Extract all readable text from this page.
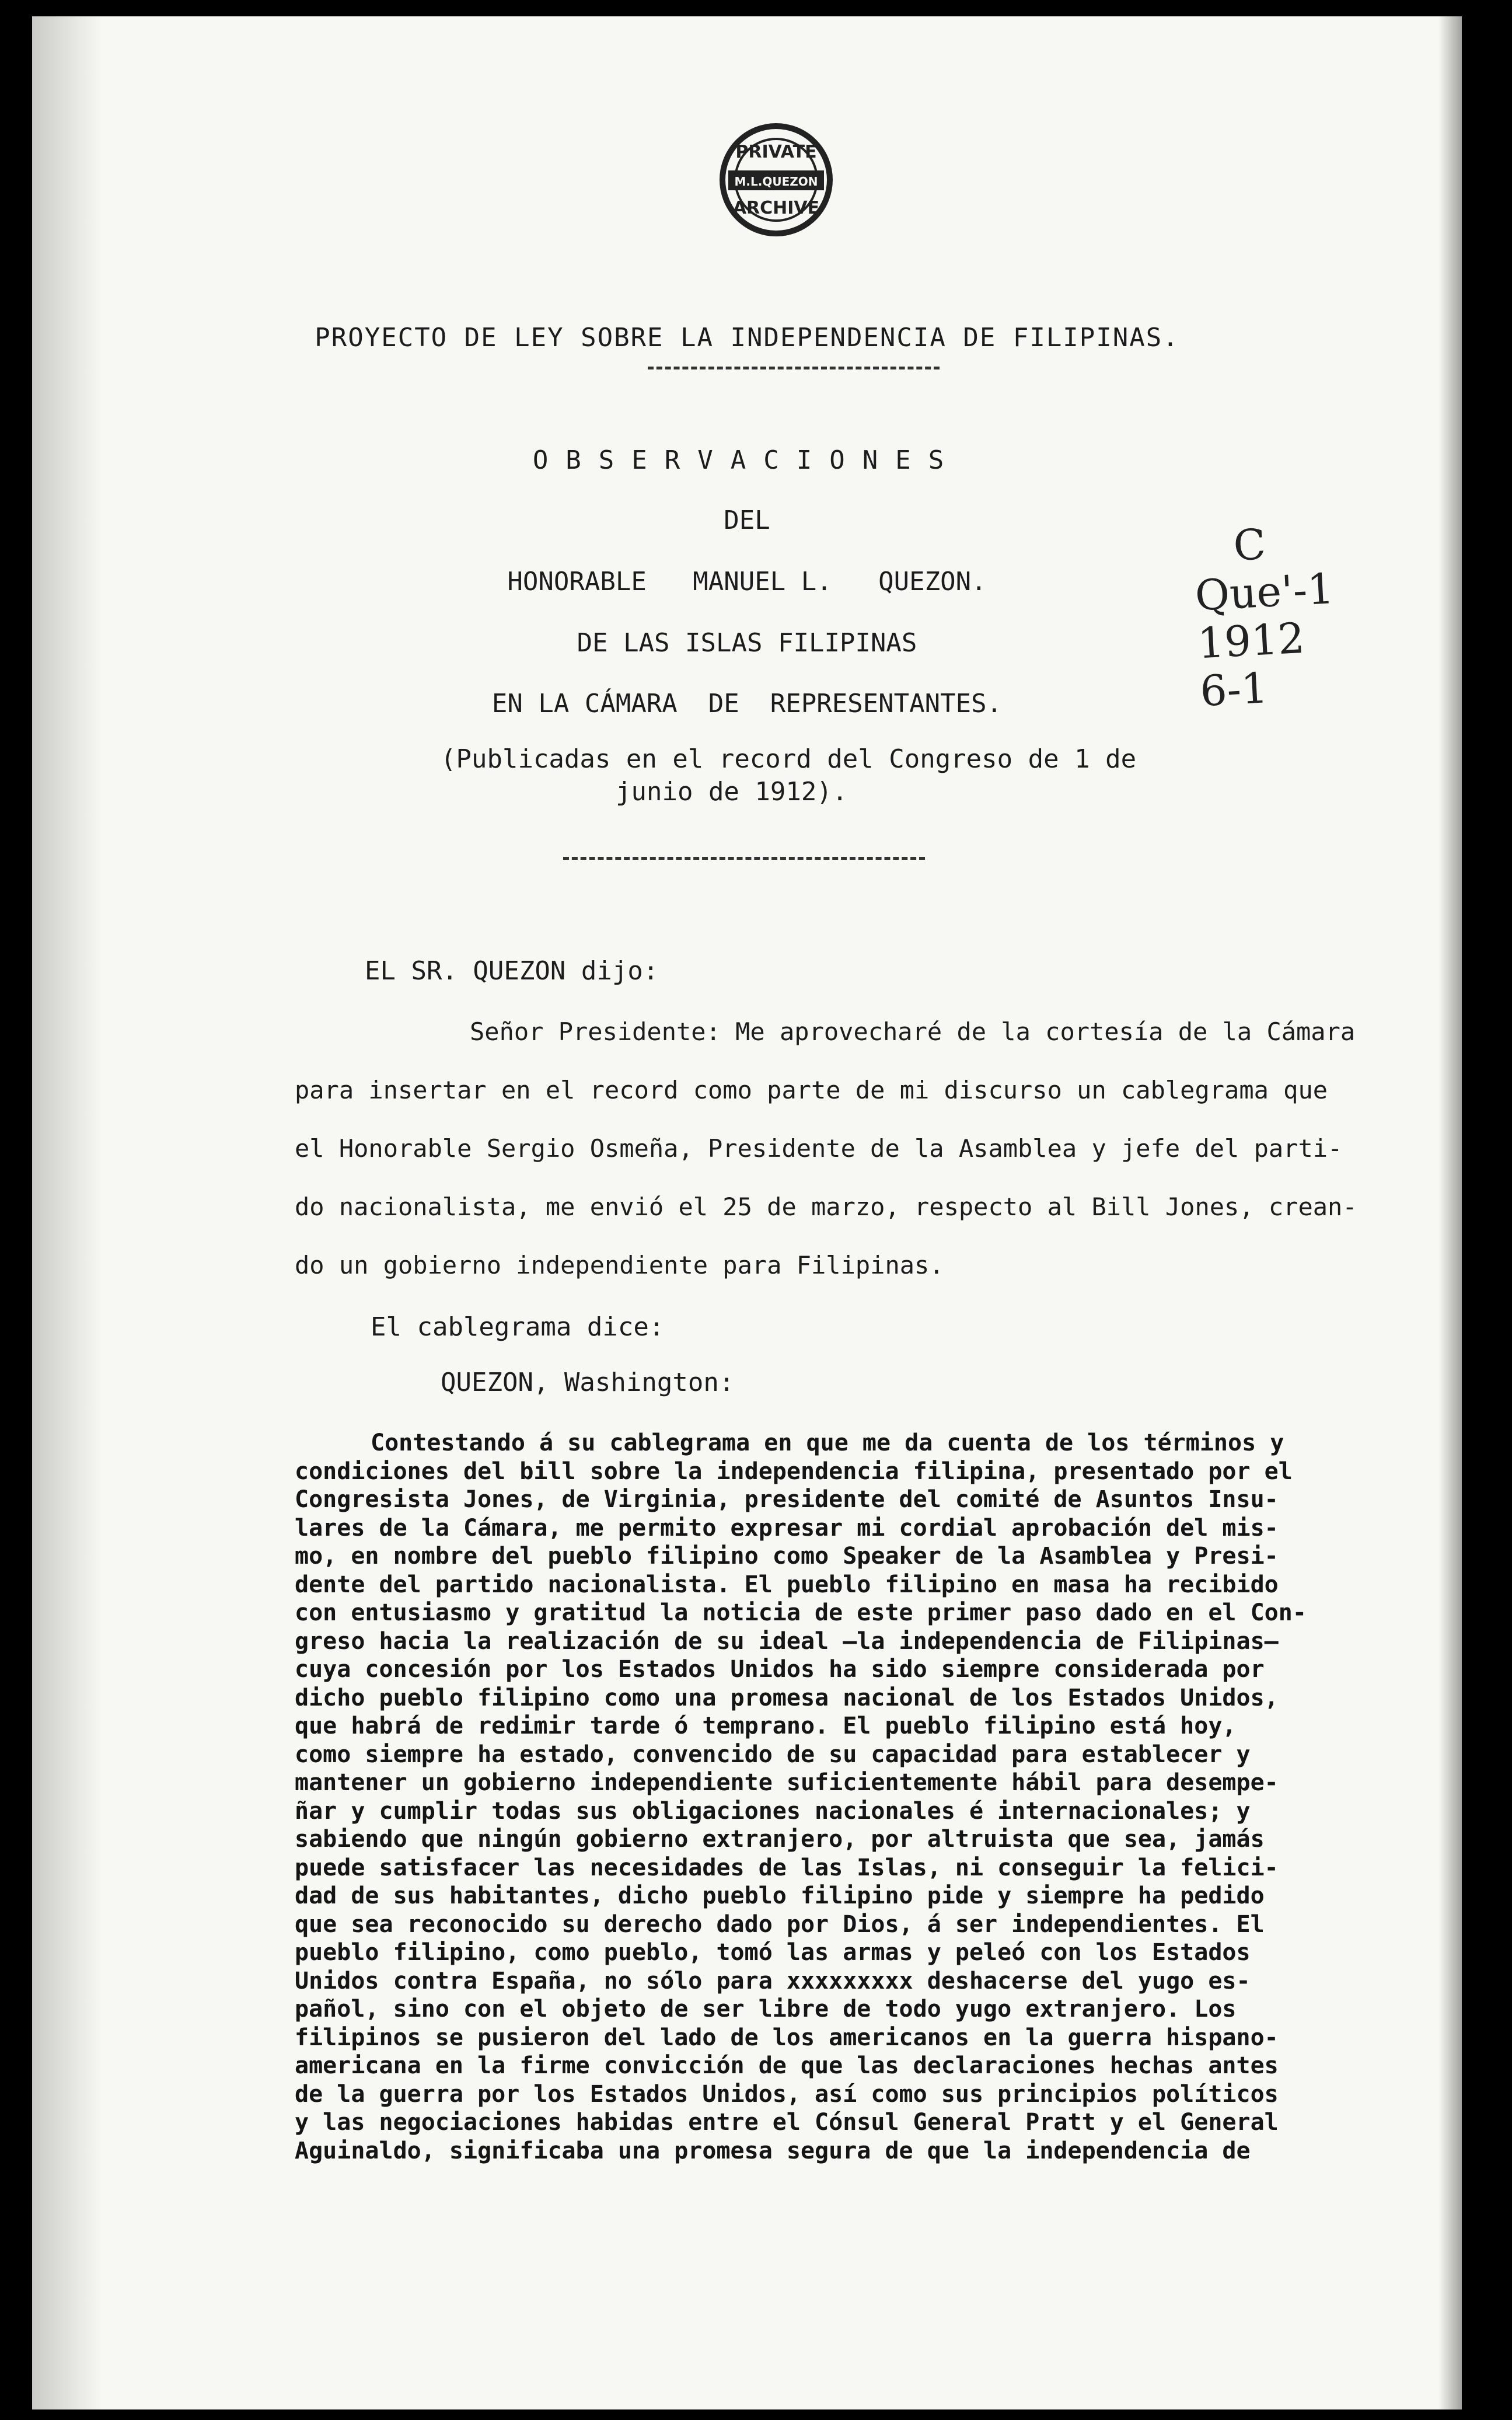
PRIVATE
M.L.QUEZON
ARCHIVE
C
Que'-1
1912
6-1
PROYECTO DE LEY SOBRE LA INDEPENDENCIA DE FILIPINAS.
OBSERVACIONES
DEL
HONORABLE   MANUEL L.   QUEZON.
DE LAS ISLAS FILIPINAS
EN LA CÁMARA  DE  REPRESENTANTES.
(Publicadas en el record del Congreso de 1 de
junio de 1912).
EL SR. QUEZON dijo:
Señor Presidente: Me aprovecharé de la cortesía de la Cámara
para insertar en el record como parte de mi discurso un cablegrama que
el Honorable Sergio Osmeña, Presidente de la Asamblea y jefe del parti-
do nacionalista, me envió el 25 de marzo, respecto al Bill Jones, crean-
do un gobierno independiente para Filipinas.
El cablegrama dice:
QUEZON, Washington:
Contestando á su cablegrama en que me da cuenta de los términos y
condiciones del bill sobre la independencia filipina, presentado por el
Congresista Jones, de Virginia, presidente del comité de Asuntos Insu-
lares de la Cámara, me permito expresar mi cordial aprobación del mis-
mo, en nombre del pueblo filipino como Speaker de la Asamblea y Presi-
dente del partido nacionalista. El pueblo filipino en masa ha recibido
con entusiasmo y gratitud la noticia de este primer paso dado en el Con-
greso hacia la realización de su ideal —la independencia de Filipinas—
cuya concesión por los Estados Unidos ha sido siempre considerada por
dicho pueblo filipino como una promesa nacional de los Estados Unidos,
que habrá de redimir tarde ó temprano. El pueblo filipino está hoy,
como siempre ha estado, convencido de su capacidad para establecer y
mantener un gobierno independiente suficientemente hábil para desempe-
ñar y cumplir todas sus obligaciones nacionales é internacionales; y
sabiendo que ningún gobierno extranjero, por altruista que sea, jamás
puede satisfacer las necesidades de las Islas, ni conseguir la felici-
dad de sus habitantes, dicho pueblo filipino pide y siempre ha pedido
que sea reconocido su derecho dado por Dios, á ser independientes. El
pueblo filipino, como pueblo, tomó las armas y peleó con los Estados
Unidos contra España, no sólo para xxxxxxxxx deshacerse del yugo es-
pañol, sino con el objeto de ser libre de todo yugo extranjero. Los
filipinos se pusieron del lado de los americanos en la guerra hispano-
americana en la firme convicción de que las declaraciones hechas antes
de la guerra por los Estados Unidos, así como sus principios políticos
y las negociaciones habidas entre el Cónsul General Pratt y el General
Aguinaldo, significaba una promesa segura de que la independencia de
